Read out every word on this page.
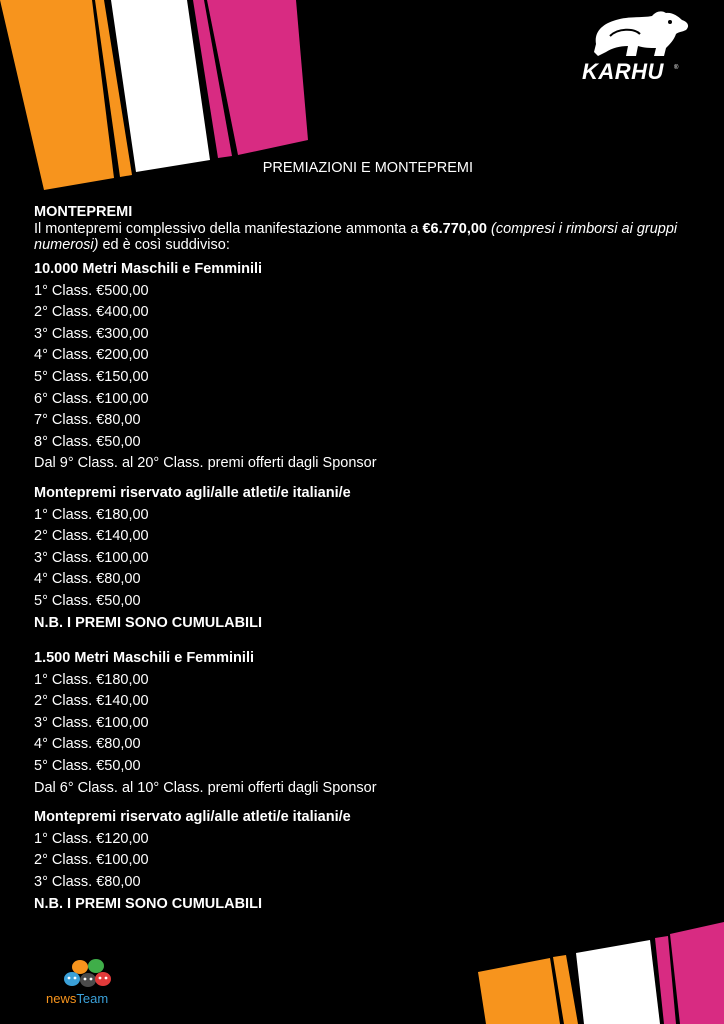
KARHU ®
PREMIAZIONI E MONTEPREMI
MONTEPREMI
Il montepremi complessivo della manifestazione ammonta a €6.770,00 (compresi i rimborsi ai gruppi numerosi) ed è così suddiviso:
10.000 Metri Maschili e Femminili
1° Class. €500,00
2° Class. €400,00
3° Class. €300,00
4° Class. €200,00
5° Class. €150,00
6° Class. €100,00
7° Class. €80,00
8° Class. €50,00
Dal 9° Class. al 20° Class. premi offerti dagli Sponsor
Montepremi riservato agli/alle atleti/e italiani/e
1° Class. €180,00
2° Class. €140,00
3° Class. €100,00
4° Class. €80,00
5° Class. €50,00
N.B. I PREMI SONO CUMULABILI
1.500 Metri Maschili e Femminili
1° Class. €180,00
2° Class. €140,00
3° Class. €100,00
4° Class. €80,00
5° Class. €50,00
Dal 6° Class. al 10° Class. premi offerti dagli Sponsor
Montepremi riservato agli/alle atleti/e italiani/e
1° Class. €120,00
2° Class. €100,00
3° Class. €80,00
N.B. I PREMI SONO CUMULABILI
newsTeam
